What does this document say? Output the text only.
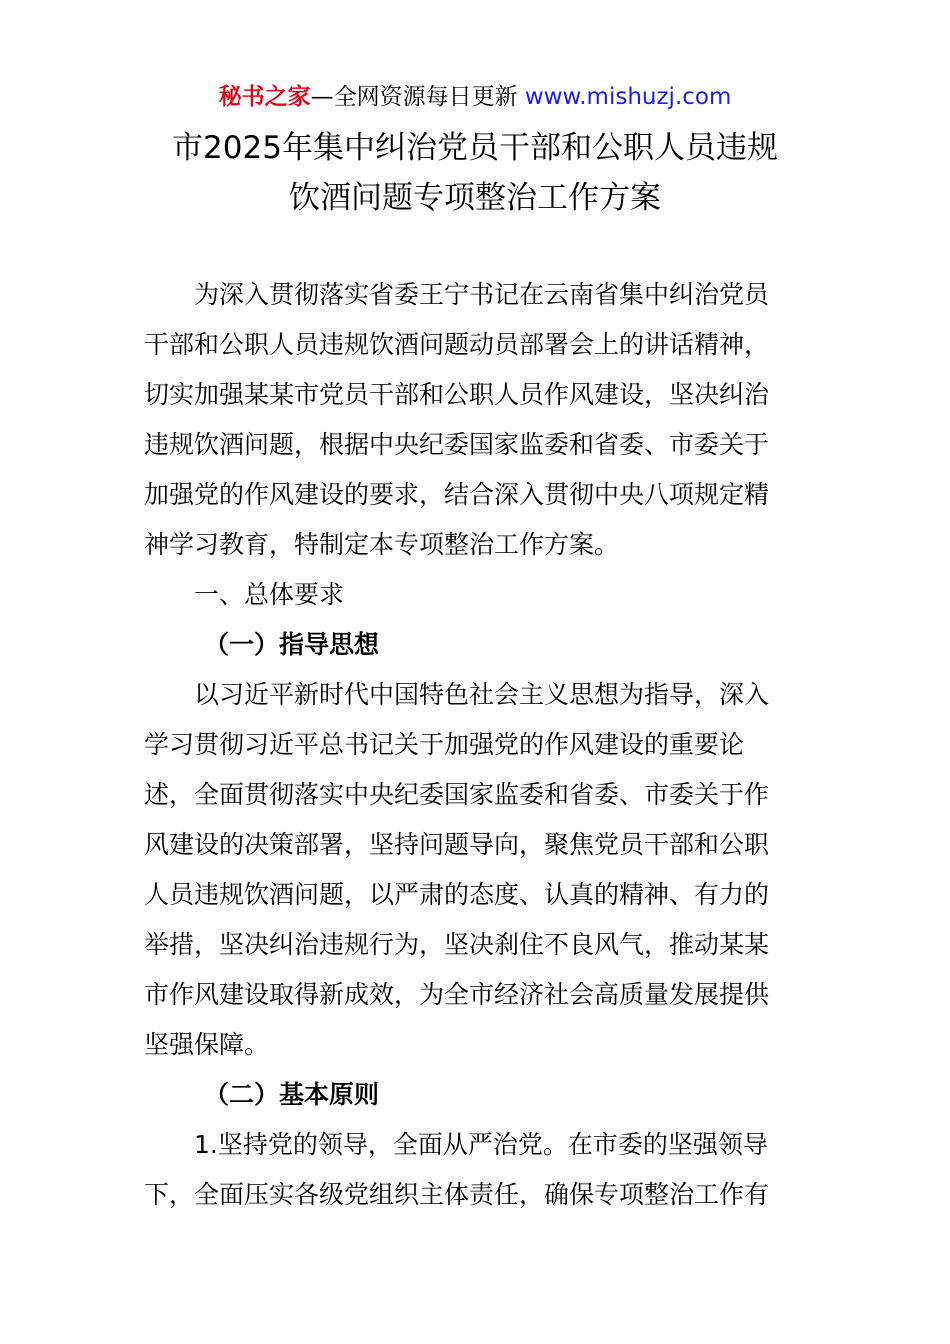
秘书之家—全网资源每日更新 www.mishuzj.com
市2025年集中纠治党员干部和公职人员违规
饮酒问题专项整治工作方案
为深入贯彻落实省委王宁书记在云南省集中纠治党员
干部和公职人员违规饮酒问题动员部署会上的讲话精神，
切实加强某某市党员干部和公职人员作风建设，坚决纠治
违规饮酒问题，根据中央纪委国家监委和省委、市委关于
加强党的作风建设的要求，结合深入贯彻中央八项规定精
神学习教育，特制定本专项整治工作方案。
一、总体要求
（一）指导思想
以习近平新时代中国特色社会主义思想为指导，深入
学习贯彻习近平总书记关于加强党的作风建设的重要论
述，全面贯彻落实中央纪委国家监委和省委、市委关于作
风建设的决策部署，坚持问题导向，聚焦党员干部和公职
人员违规饮酒问题，以严肃的态度、认真的精神、有力的
举措，坚决纠治违规行为，坚决刹住不良风气，推动某某
市作风建设取得新成效，为全市经济社会高质量发展提供
坚强保障。
（二）基本原则
1.坚持党的领导，全面从严治党。在市委的坚强领导
下，全面压实各级党组织主体责任，确保专项整治工作有
